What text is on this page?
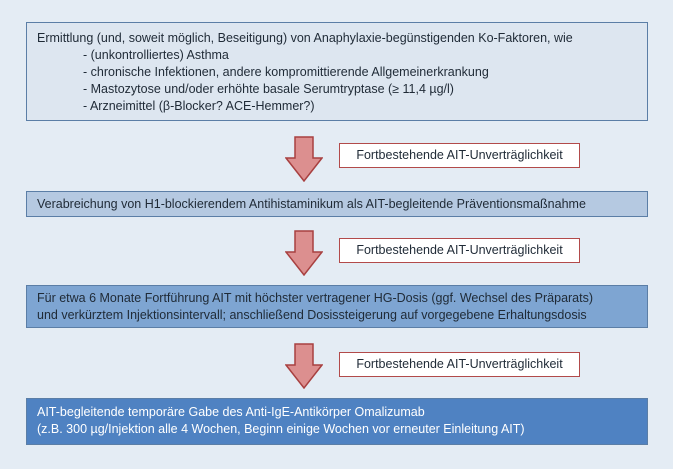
Ermittlung (und, soweit möglich, Beseitigung) von Anaphylaxie-begünstigenden Ko-Faktoren, wie
- (unkontrolliertes) Asthma
- chronische Infektionen, andere kompromittierende Allgemeinerkrankung
- Mastozytose und/oder erhöhte basale Serumtryptase (≥ 11,4 µg/l)
- Arzneimittel (β-Blocker? ACE-Hemmer?)
Fortbestehende AIT-Unverträglichkeit
Verabreichung von H1-blockierendem Antihistaminikum als AIT-begleitende Präventionsmaßnahme
Fortbestehende AIT-Unverträglichkeit
Für etwa 6 Monate Fortführung AIT mit höchster vertragener HG-Dosis (ggf. Wechsel des Präparats)
und verkürztem Injektionsintervall; anschließend Dosissteigerung auf vorgegebene Erhaltungsdosis
Fortbestehende AIT-Unverträglichkeit
AIT-begleitende temporäre Gabe des Anti-IgE-Antikörper Omalizumab
(z.B. 300 µg/Injektion alle 4 Wochen, Beginn einige Wochen vor erneuter Einleitung AIT)
